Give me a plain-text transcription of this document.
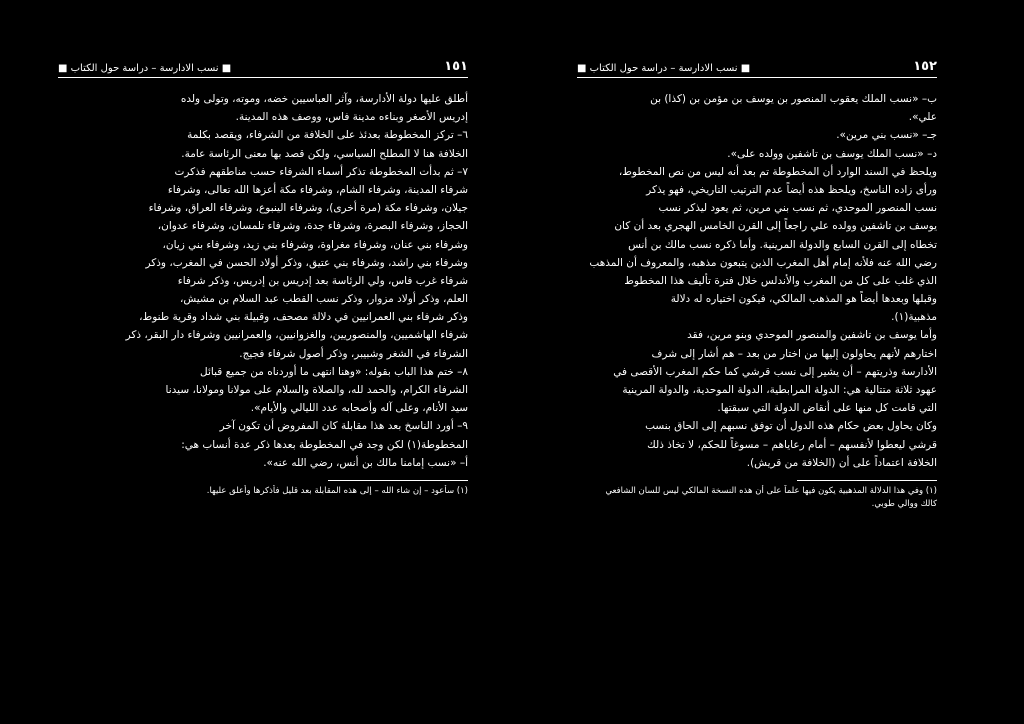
١٥١
■ نسب الادارسة – دراسة حول الكتاب ■
أطلق عليها دولة الأدارسة، وآثر العباسيين خضه، وموته، وتولى ولده
إدريس الأصغر وبناءه مدينة فاس، ووصف هذه المدينة.
٦– تركز المخطوطة بعدئذ على الخلافة من الشرفاء، ويقصد بكلمة
الخلافة هنا لا المطلح السياسي، ولكن قصد بها معنى الرئاسة عامة.
٧– ثم بدأت المخطوطة تذكر أسماء الشرفاء حسب مناطقهم فذكرت
شرفاء المدينة، وشرفاء الشام، وشرفاء مكة أعزها الله تعالى، وشرفاء
جيلان، وشرفاء مكة (مرة أخرى)، وشرفاء الينبوع، وشرفاء العراق، وشرفاء
الحجاز، وشرفاء البصرة، وشرفاء جدة، وشرفاء تلمسان، وشرفاء عدوان،
وشرفاء بني عنان، وشرفاء مغراوة، وشرفاء بني زيد، وشرفاء بني زيان،
وشرفاء بني راشد، وشرفاء بني عتيق، وذكر أولاد الحسن في المغرب، وذكر
شرفاء غرب فاس، ولي الرئاسة بعد إدريس بن إدريس، وذكر شرفاء
العلم، وذكر أولاد مزوار، وذكر نسب القطب عبد السلام بن مشيش،
وذكر شرفاء بني العمرانيين في دلالة مصحف، وقبيلة بني شداد وقرية طنوط،
شرفاء الهاشميين، والمنصوريين، والغزوانيين، والعمرانيين وشرفاء دار البقر، ذكر
الشرفاء في الشغر وشبيبر، وذكر أصول شرفاء فجيج.
٨– ختم هذا الباب بقوله: «وهنا انتهى ما أوردناه من جميع قبائل
الشرفاء الكرام، والحمد لله، والصلاة والسلام على مولانا ومولانا، سيدنا
سيد الأنام، وعلى آله وأصحابه عدد الليالي والأيام».
٩– أورد الناسخ بعد هذا مقابلة كان المفروض أن تكون آخر
المخطوطة(١) لكن وجد في المخطوطة بعدها ذكر عدة أنساب هي:
أ– «نسب إمامنا مالك بن أنس، رضي الله عنه».
(١) سأعود – إن شاء الله – إلى هذه المقابلة بعد قليل فأذكرها وأعلق عليها.
١٥٢
■ نسب الادارسة – دراسة حول الكتاب ■
ب– «نسب الملك يعقوب المنصور بن يوسف بن مؤمن بن (كذا) بن
علي».
جـ– «نسب بني مرين».
د– «نسب الملك يوسف بن تاشفين وولده على».
ويلحظ في السند الوارد أن المخطوطة تم بعد أنه ليس من نص المخطوط،
ورأى زاده الناسخ، ويلحظ هذه أيضاً عدم الترتيب التاريخي، فهو يذكر
نسب المنصور الموحدي، ثم نسب بني مرين، ثم يعود ليذكر نسب
يوسف بن تاشفين وولده علي راجعاً إلى القرن الخامس الهجري بعد أن كان
تخطاه إلى القرن السابع والدولة المرينية. وأما ذكره نسب مالك بن أنس
رضي الله عنه فلأنه إمام أهل المغرب الذين يتبعون مذهبه، والمعروف أن المذهب
الذي غلب على كل من المغرب والأندلس خلال فترة تأليف هذا المخطوط
وقبلها وبعدها أيضاً هو المذهب المالكي، فيكون اختياره له دلالة
مذهبية(١).
وأما يوسف بن تاشفين والمنصور الموحدي وبنو مرين، فقد
اختارهم لأنهم يحاولون إليها من اختار من بعد – هم أشار إلى شرف
الأدارسة وذريتهم – أن يشير إلى نسب قرشي كما حكم المغرب الأقصى في
عهود ثلاثة متتالية هي: الدولة المرابطية، الدولة الموحدية، والدولة المرينية
التي قامت كل منها على أنقاض الدولة التي سبقتها.
وكان يحاول بعض حكام هذه الدول أن توفق نسبهم إلى الحاق بنسب
قرشي ليعطوا لأنفسهم – أمام رعاياهم – مسوغاً للحكم، لا تخاذ ذلك
الخلافة اعتماداً على أن (الخلافة من قريش).
(١) وفي هذا الدلالة المذهبية يكون فيها علماً على أن هذه النسخة المالكي ليس للسان الشافعي
كالك ووالي طوبي.
